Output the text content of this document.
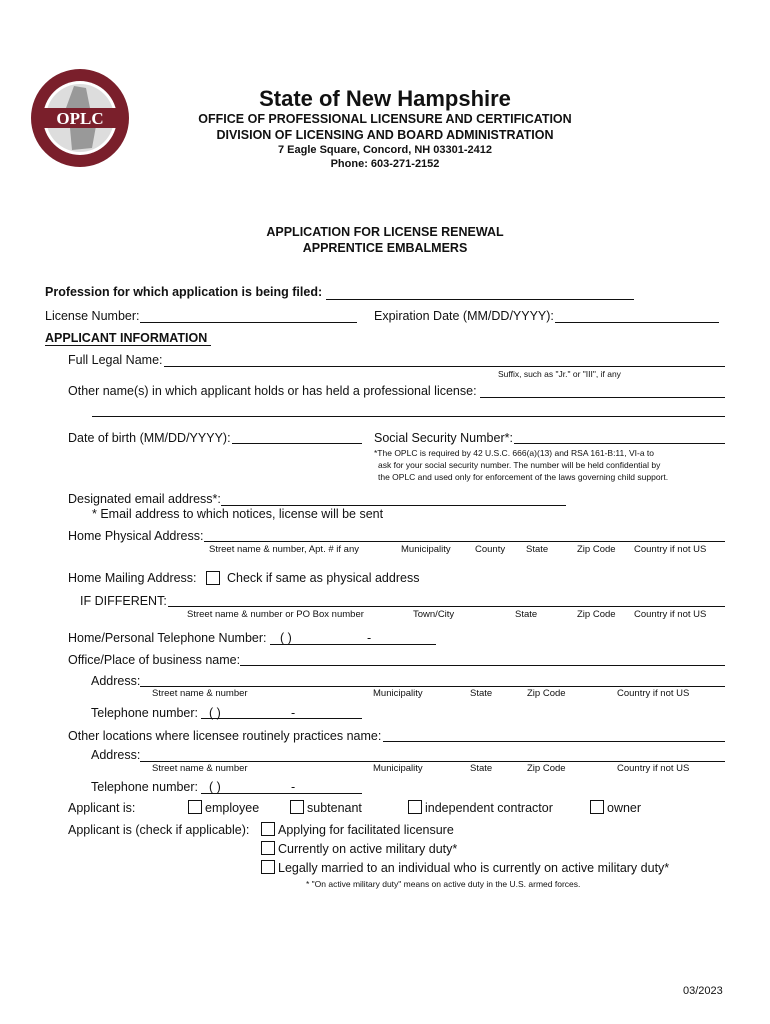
OPLC
State of New Hampshire
OFFICE OF PROFESSIONAL LICENSURE AND CERTIFICATION
DIVISION OF LICENSING AND BOARD ADMINISTRATION
7 Eagle Square, Concord, NH 03301-2412
Phone: 603-271-2152
APPLICATION FOR LICENSE RENEWAL
APPRENTICE EMBALMERS
Profession for which application is being filed:
License Number:	Expiration Date (MM/DD/YYYY):
APPLICANT INFORMATION
Full Legal Name:
Suffix, such as "Jr." or "III", if any
Other name(s) in which applicant holds or has held a professional license:
Date of birth (MM/DD/YYYY):	Social Security Number*:
*The OPLC is required by 42 U.S.C. 666(a)(13) and RSA 161-B:11, VI-a to
ask for your social security number. The number will be held confidential by
the OPLC and used only for enforcement of the laws governing child support.
Designated email address*:
* Email address to which notices, license will be sent
Home Physical Address:
Street name & number, Apt. # if any	Municipality	County State	Zip Code Country if not US
Home Mailing Address: Check if same as physical address
IF DIFFERENT:
Street name & number or PO Box number	Town/City	State	Zip Code Country if not US
Home/Personal Telephone Number: ( )	-
Office/Place of business name:
Address:
Street name & number	Municipality	State	Zip Code	Country if not US
Telephone number: ( )	-
Other locations where licensee routinely practices name:
Address:
Street name & number	Municipality	State	Zip Code	Country if not US
Telephone number: ( )	-
Applicant is:	employee	subtenant	independent contractor	owner
Applicant is (check if applicable): Applying for facilitated licensure
Currently on active military duty*
Legally married to an individual who is currently on active military duty*
* "On active military duty" means on active duty in the U.S. armed forces.
03/2023
